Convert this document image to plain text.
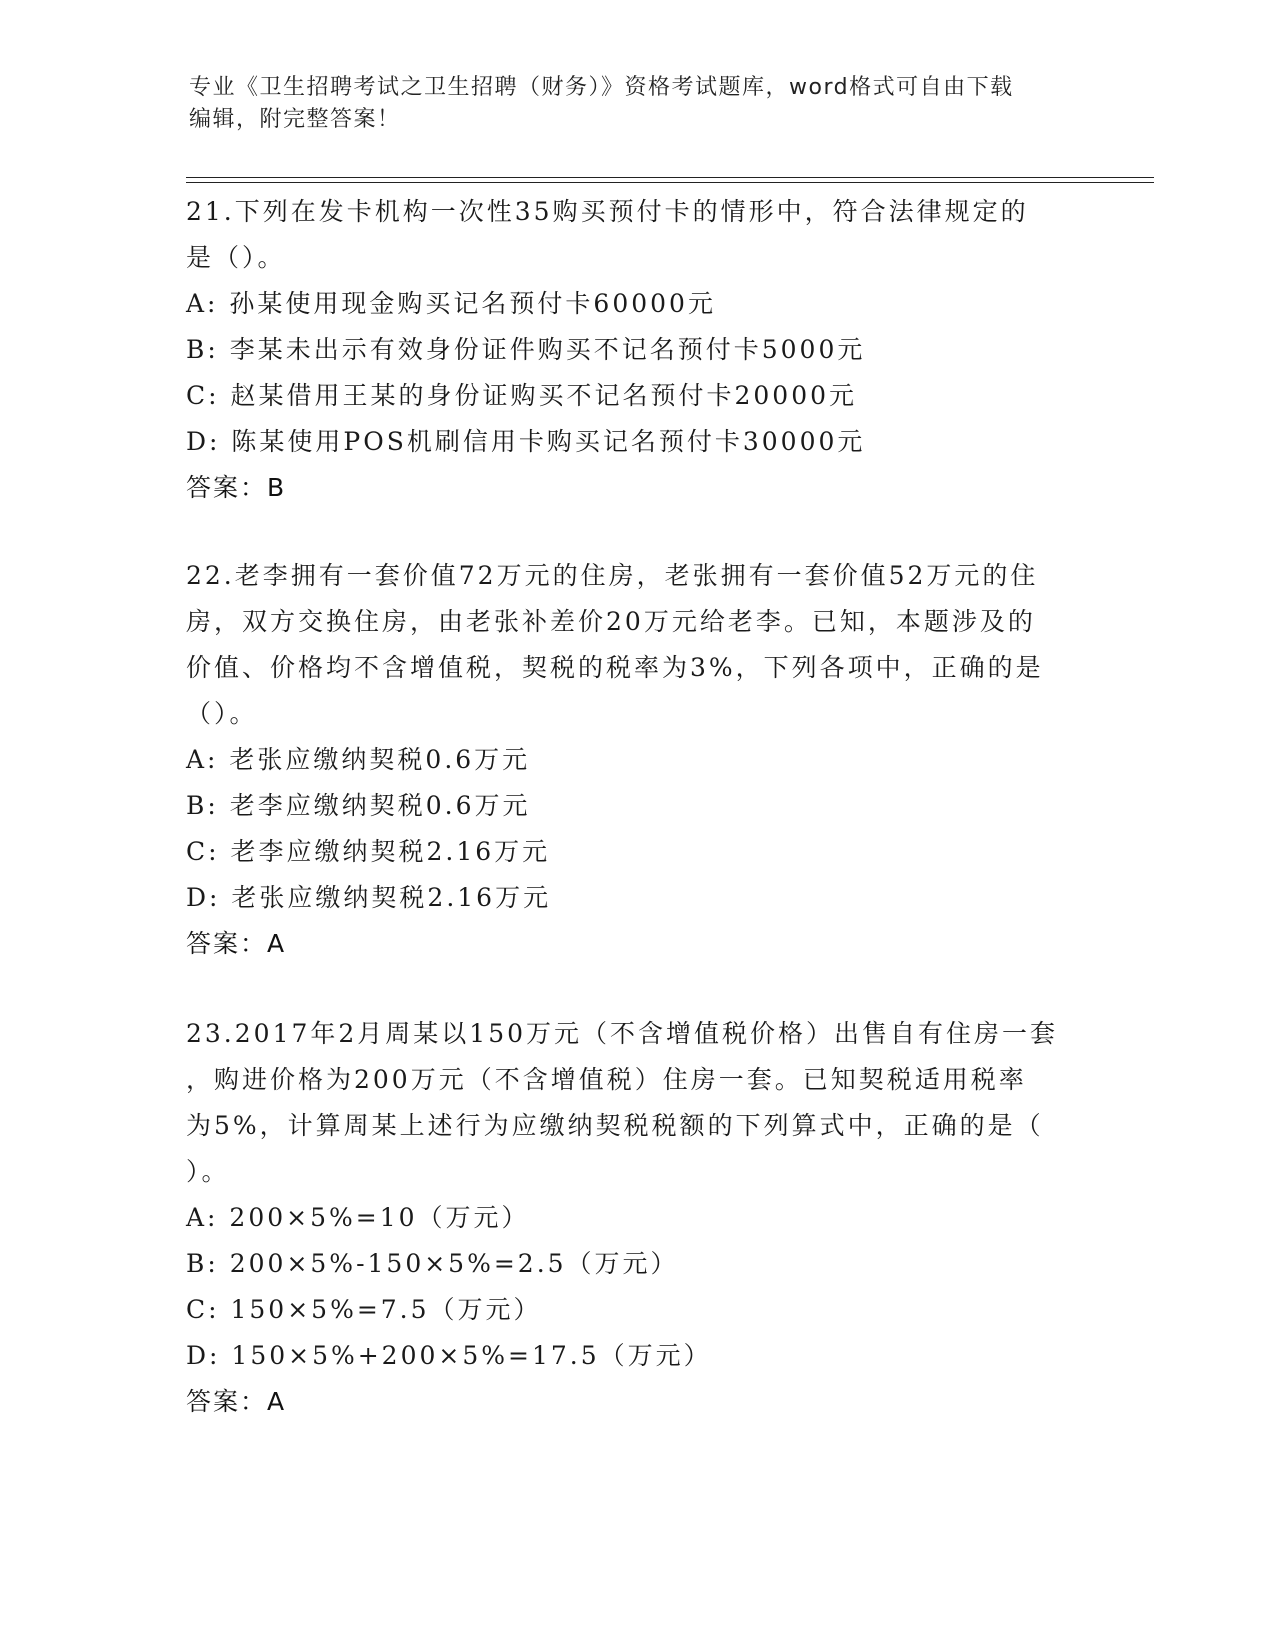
专业《卫生招聘考试之卫生招聘（财务）》资格考试题库，word格式可自由下载
编辑，附完整答案！
21.下列在发卡机构一次性35购买预付卡的情形中，符合法律规定的
是（）。
A: 孙某使用现金购买记名预付卡60000元
B: 李某未出示有效身份证件购买不记名预付卡5000元
C: 赵某借用王某的身份证购买不记名预付卡20000元
D: 陈某使用POS机刷信用卡购买记名预付卡30000元
答案：B
22.老李拥有一套价值72万元的住房，老张拥有一套价值52万元的住
房，双方交换住房，由老张补差价20万元给老李。已知，本题涉及的
价值、价格均不含增值税，契税的税率为3%，下列各项中，正确的是
（）。
A: 老张应缴纳契税0.6万元
B: 老李应缴纳契税0.6万元
C: 老李应缴纳契税2.16万元
D: 老张应缴纳契税2.16万元
答案：A
23.2017年2月周某以150万元（不含增值税价格）出售自有住房一套
，购进价格为200万元（不含增值税）住房一套。已知契税适用税率
为5%，计算周某上述行为应缴纳契税税额的下列算式中，正确的是（
）。
A: 200×5%=10（万元）
B: 200×5%-150×5%=2.5（万元）
C: 150×5%=7.5（万元）
D: 150×5%+200×5%=17.5（万元）
答案：A
